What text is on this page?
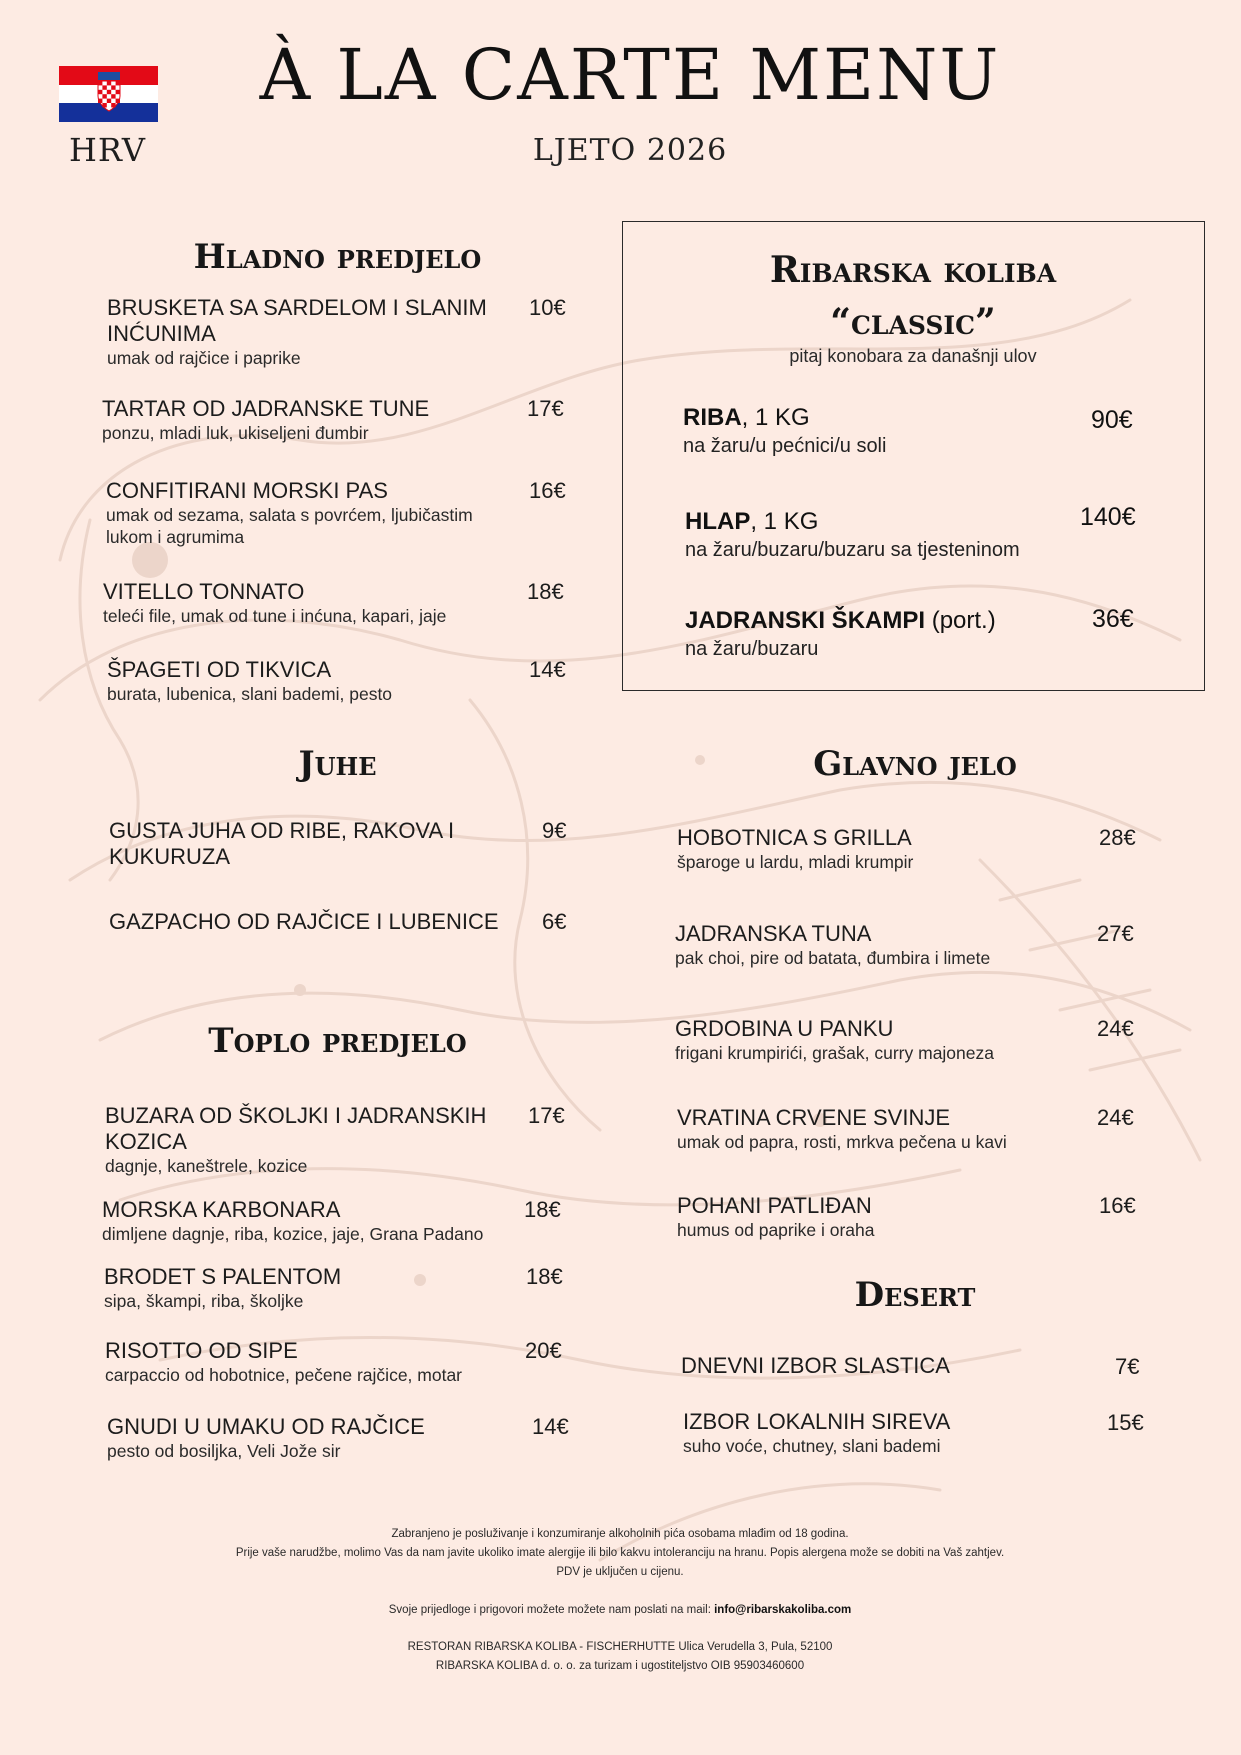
HRV
À LA CARTE MENU
LJETO 2026
Hladno predjelo
BRUSKETA SA SARDELOM I SLANIM INĆUNIMA
umak od rajčice i paprike
10€
TARTAR OD JADRANSKE TUNE
ponzu, mladi luk, ukiseljeni đumbir
17€
CONFITIRANI MORSKI PAS
umak od sezama, salata s povrćem, ljubičastim lukom i agrumima
16€
VITELLO TONNATO
teleći file, umak od tune i inćuna, kapari, jaje
18€
ŠPAGETI OD TIKVICA
burata, lubenica, slani bademi, pesto
14€
Juhe
GUSTA JUHA OD RIBE, RAKOVA I KUKURUZA
9€
GAZPACHO OD RAJČICE I LUBENICE	6€
Toplo predjelo
BUZARA OD ŠKOLJKI I JADRANSKIH KOZICA
dagnje, kaneštrele, kozice
17€
MORSKA KARBONARA
dimljene dagnje, riba, kozice, jaje, Grana Padano
18€
BRODET S PALENTOM
sipa, škampi, riba, školjke
18€
RISOTTO OD SIPE
carpaccio od hobotnice, pečene rajčice, motar
20€
GNUDI U UMAKU OD RAJČICE
pesto od bosiljka, Veli Jože sir
14€
Ribarska koliba
“classic”
pitaj konobara za današnji ulov
RIBA, 1 KG
na žaru/u pećnici/u soli
90€
HLAP, 1 KG
na žaru/buzaru/buzaru sa tjesteninom
140€
JADRANSKI ŠKAMPI (port.)
na žaru/buzaru
36€
Glavno jelo
HOBOTNICA S GRILLA
šparoge u lardu, mladi krumpir
28€
JADRANSKA TUNA
pak choi, pire od batata, đumbira i limete
27€
GRDOBINA U PANKU
frigani krumpirići, grašak, curry majoneza
24€
VRATINA CRVENE SVINJE
umak od papra, rosti, mrkva pečena u kavi
24€
POHANI PATLIĐAN
humus od paprike i oraha
16€
Desert
DNEVNI IZBOR SLASTICA	7€
IZBOR LOKALNIH SIREVA
suho voće, chutney, slani bademi
15€
Zabranjeno je posluživanje i konzumiranje alkoholnih pića osobama mlađim od 18 godina.
Prije vaše narudžbe, molimo Vas da nam javite ukoliko imate alergije ili bilo kakvu intoleranciju na hranu. Popis alergena može se dobiti na Vaš zahtjev.
PDV je uključen u cijenu.
Svoje prijedloge i prigovori možete možete nam poslati na mail: info@ribarskakoliba.com
RESTORAN RIBARSKA KOLIBA - FISCHERHUTTE Ulica Verudella 3, Pula, 52100
RIBARSKA KOLIBA d. o. o. za turizam i ugostiteljstvo OIB 95903460600
